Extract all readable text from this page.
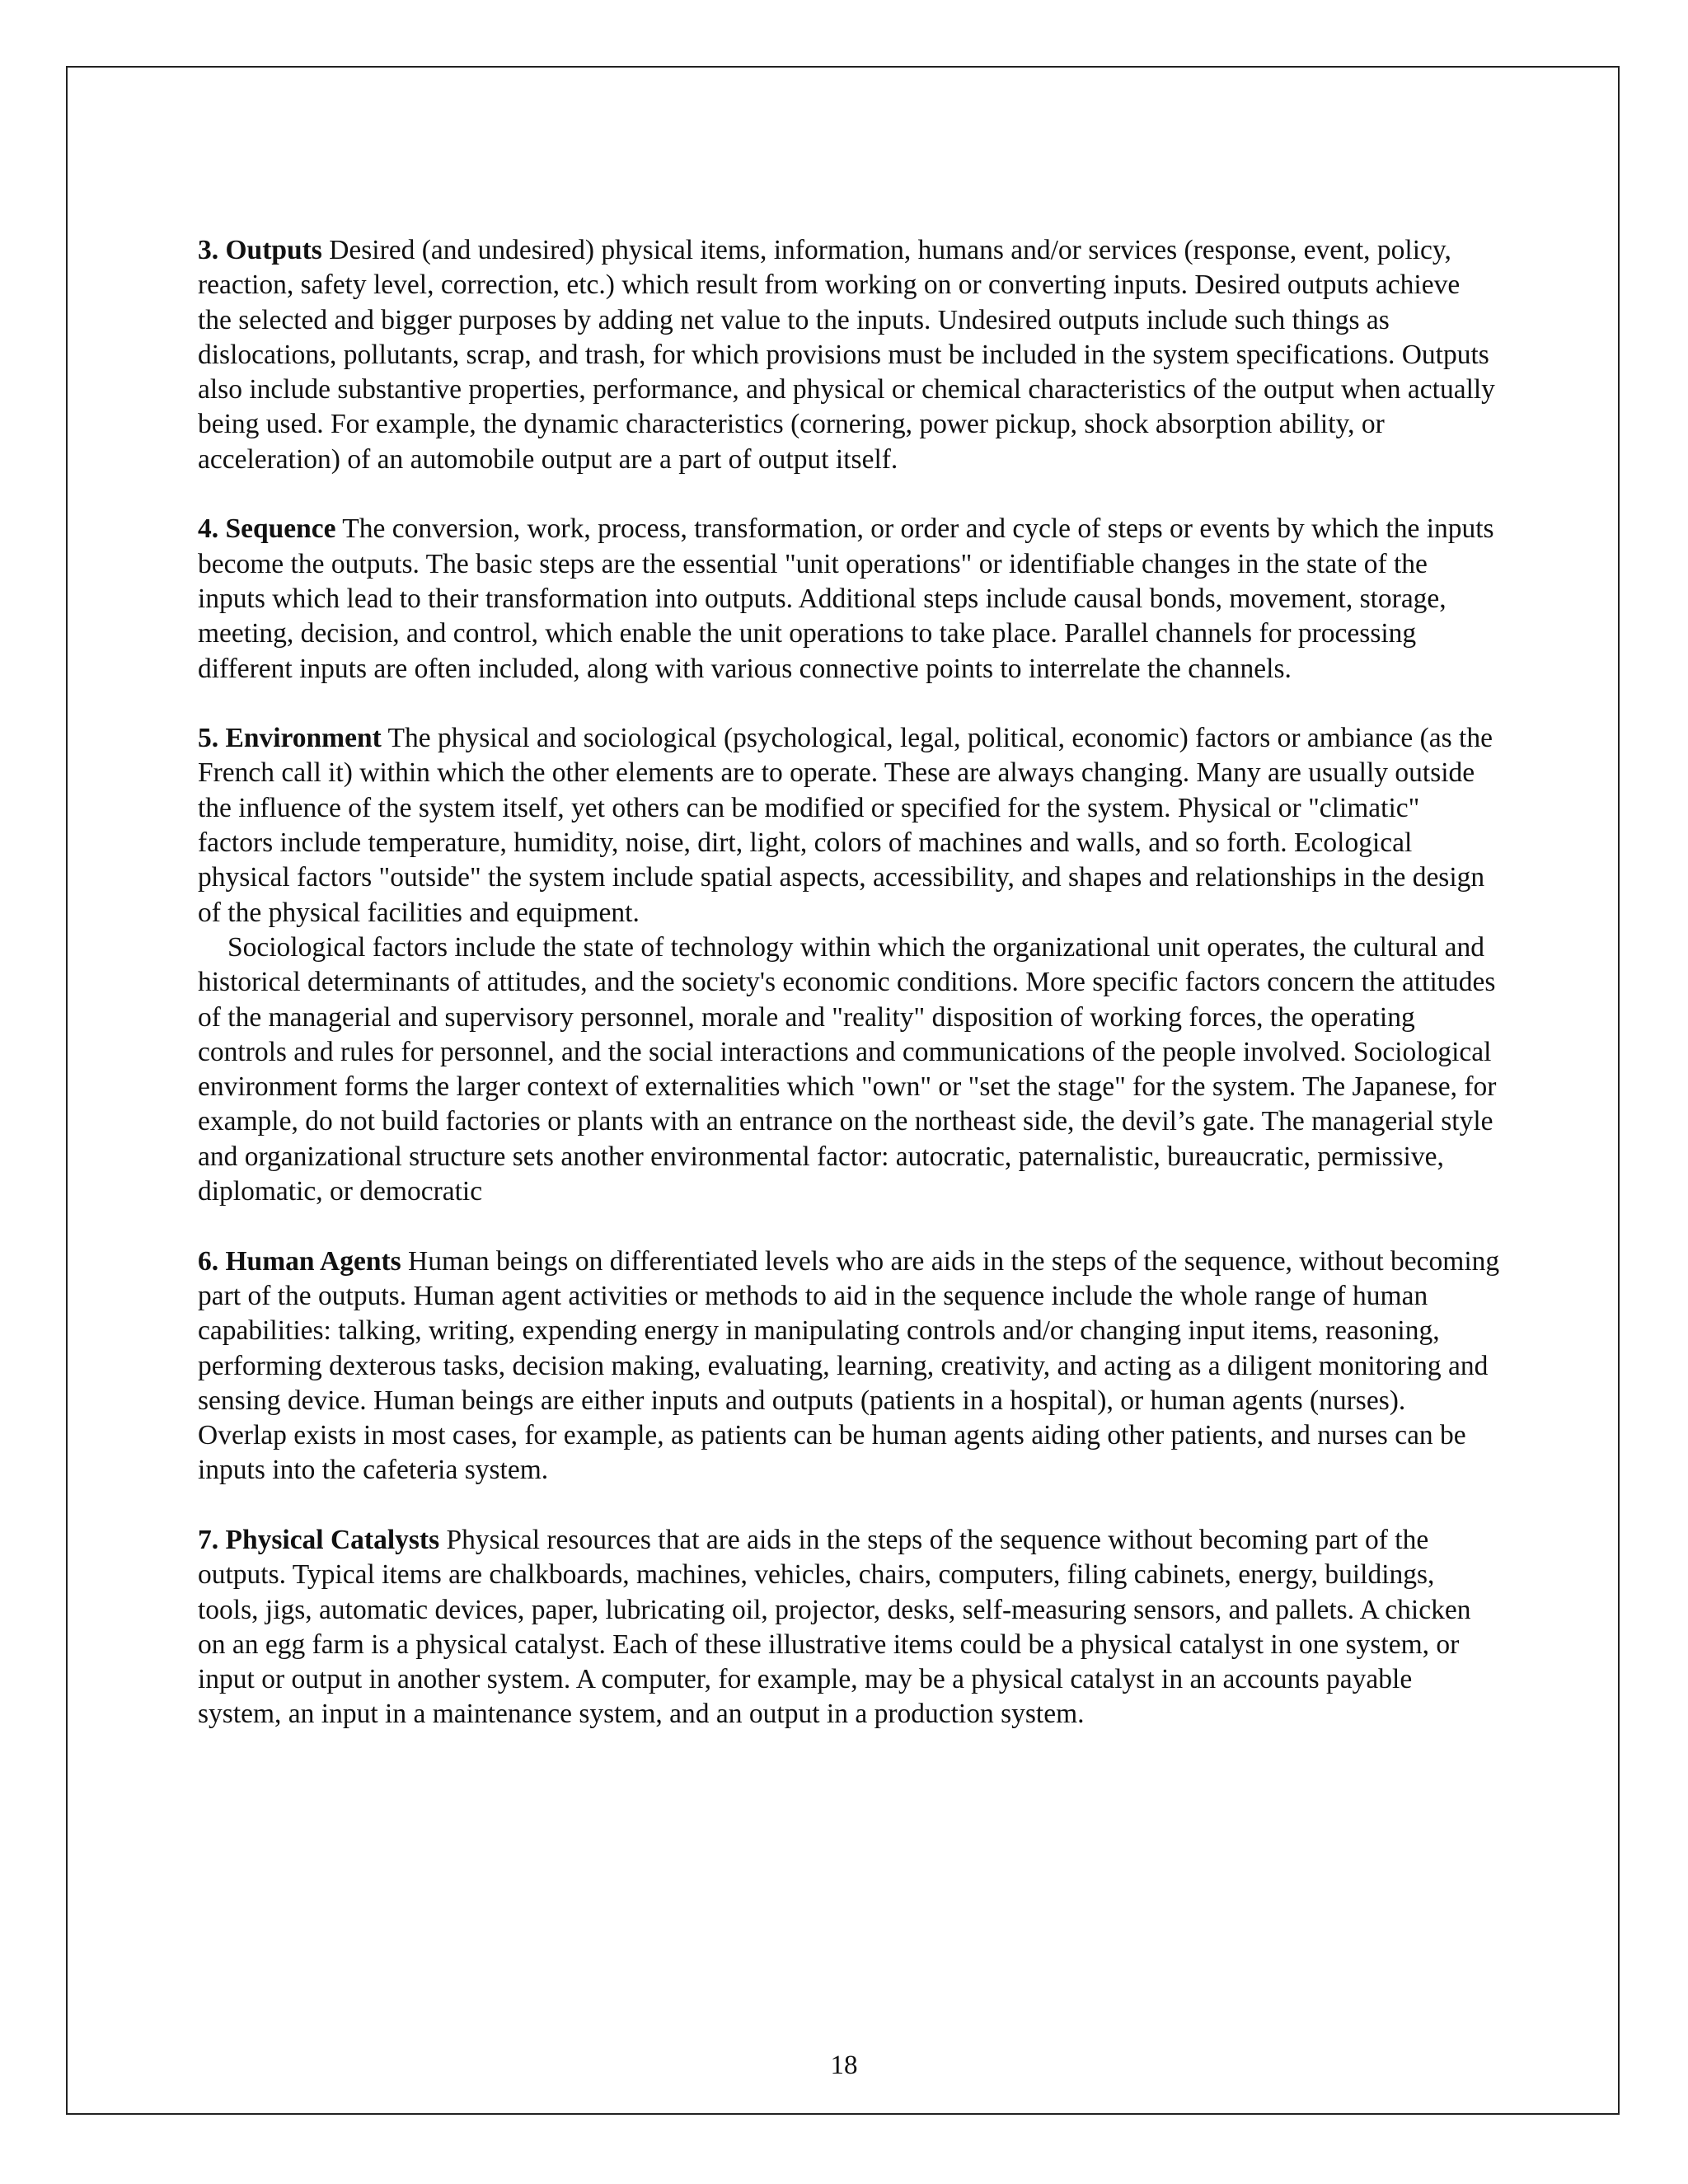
3. Outputs Desired (and undesired) physical items, information, humans and/or services (response, event, policy, reaction, safety level, correction, etc.) which result from working on or converting inputs. Desired outputs achieve the selected and bigger purposes by adding net value to the inputs. Undesired outputs include such things as dislocations, pollutants, scrap, and trash, for which provisions must be included in the system specifications. Outputs also include substantive properties, performance, and physical or chemical characteristics of the output when actually being used. For example, the dynamic characteristics (cornering, power pickup, shock absorption ability, or acceleration) of an automobile output are a part of output itself.

4. Sequence The conversion, work, process, transformation, or order and cycle of steps or events by which the inputs become the outputs. The basic steps are the essential "unit operations" or identifiable changes in the state of the inputs which lead to their transformation into outputs. Additional steps include causal bonds, movement, storage, meeting, decision, and control, which enable the unit operations to take place. Parallel channels for processing different inputs are often included, along with various connective points to interrelate the channels.

5. Environment The physical and sociological (psychological, legal, political, economic) factors or ambiance (as the French call it) within which the other elements are to operate. These are always changing. Many are usually outside the influence of the system itself, yet others can be modified or specified for the system. Physical or "climatic" factors include temperature, humidity, noise, dirt, light, colors of machines and walls, and so forth. Ecological physical factors "outside" the system include spatial aspects, accessibility, and shapes and relationships in the design of the physical facilities and equipment.

Sociological factors include the state of technology within which the organizational unit operates, the cultural and historical determinants of attitudes, and the society's economic conditions. More specific factors concern the attitudes of the managerial and supervisory personnel, morale and "reality" disposition of working forces, the operating controls and rules for personnel, and the social interactions and communications of the people involved. Sociological environment forms the larger context of externalities which "own" or "set the stage" for the system. The Japanese, for example, do not build factories or plants with an entrance on the northeast side, the devil’s gate. The managerial style and organizational structure sets another environmental factor: autocratic, paternalistic, bureaucratic, permissive, diplomatic, or democratic

6. Human Agents Human beings on differentiated levels who are aids in the steps of the sequence, without becoming part of the outputs. Human agent activities or methods to aid in the sequence include the whole range of human capabilities: talking, writing, expending energy in manipulating controls and/or changing input items, reasoning, performing dexterous tasks, decision making, evaluating, learning, creativity, and acting as a diligent monitoring and sensing device. Human beings are either inputs and outputs (patients in a hospital), or human agents (nurses). Overlap exists in most cases, for example, as patients can be human agents aiding other patients, and nurses can be inputs into the cafeteria system.

7. Physical Catalysts Physical resources that are aids in the steps of the sequence without becoming part of the outputs. Typical items are chalkboards, machines, vehicles, chairs, computers, filing cabinets, energy, buildings, tools, jigs, automatic devices, paper, lubricating oil, projector, desks, self-measuring sensors, and pallets. A chicken on an egg farm is a physical catalyst. Each of these illustrative items could be a physical catalyst in one system, or input or output in another system. A computer, for example, may be a physical catalyst in an accounts payable system, an input in a maintenance system, and an output in a production system.

18
